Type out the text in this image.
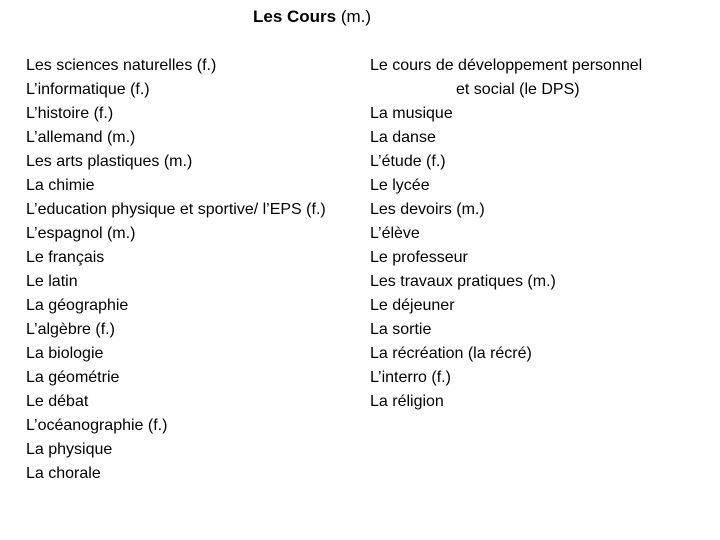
Les Cours (m.)
Les sciences naturelles (f.)
L’informatique (f.)
L’histoire (f.)
L’allemand (m.)
Les arts plastiques (m.)
La chimie
L’education physique et sportive/ l’EPS (f.)
L’espagnol (m.)
Le français
Le latin
La géographie
L’algèbre (f.)
La biologie
La géométrie
Le débat
L’océanographie (f.)
La physique
La chorale
Le cours de développement personnel
et social (le DPS)
La musique
La danse
L’étude (f.)
Le lycée
Les devoirs (m.)
L’élève
Le professeur
Les travaux pratiques (m.)
Le déjeuner
La sortie
La récréation (la récré)
L’interro (f.)
La réligion
